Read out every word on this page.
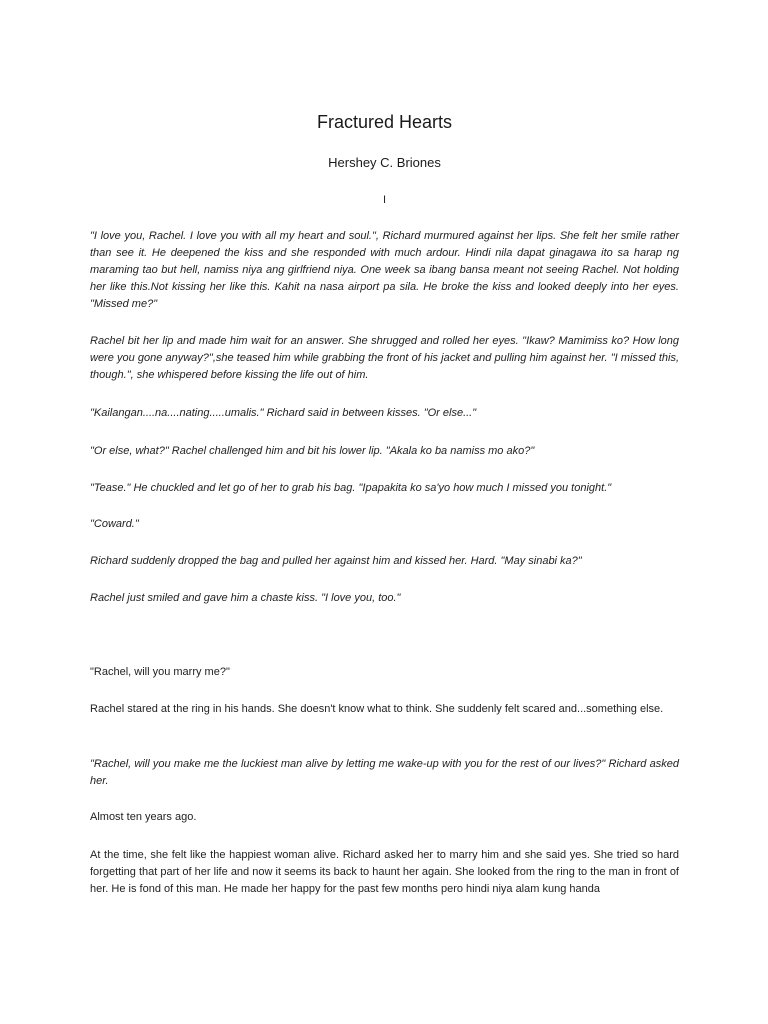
Fractured Hearts

Hershey C. Briones

I

"I love you, Rachel. I love you with all my heart and soul.", Richard murmured against her lips. She felt her smile rather than see it. He deepened the kiss and she responded with much ardour. Hindi nila dapat ginagawa ito sa harap ng maraming tao but hell, namiss niya ang girlfriend niya. One week sa ibang bansa meant not seeing Rachel. Not holding her like this.Not kissing her like this. Kahit na nasa airport pa sila. He broke the kiss and looked deeply into her eyes. "Missed me?"

Rachel bit her lip and made him wait for an answer. She shrugged and rolled her eyes. "Ikaw? Mamimiss ko? How long were you gone anyway?",she teased him while grabbing the front of his jacket and pulling him against her. "I missed this, though.", she whispered before kissing the life out of him.

"Kailangan....na....nating.....umalis." Richard said in between kisses. "Or else..."

"Or else, what?" Rachel challenged him and bit his lower lip. "Akala ko ba namiss mo ako?"

"Tease." He chuckled and let go of her to grab his bag. "Ipapakita ko sa'yo how much I missed you tonight."

"Coward."

Richard suddenly dropped the bag and pulled her against him and kissed her. Hard. "May sinabi ka?"

Rachel just smiled and gave him a chaste kiss. "I love you, too."

"Rachel, will you marry me?"

Rachel stared at the ring in his hands. She doesn't know what to think. She suddenly felt scared and...something else.

"Rachel, will you make me the luckiest man alive by letting me wake-up with you for the rest of our lives?" Richard asked her.

Almost ten years ago.

At the time, she felt like the happiest woman alive. Richard asked her to marry him and she said yes. She tried so hard forgetting that part of her life and now it seems its back to haunt her again. She looked from the ring to the man in front of her. He is fond of this man. He made her happy for the past few months pero hindi niya alam kung handa
